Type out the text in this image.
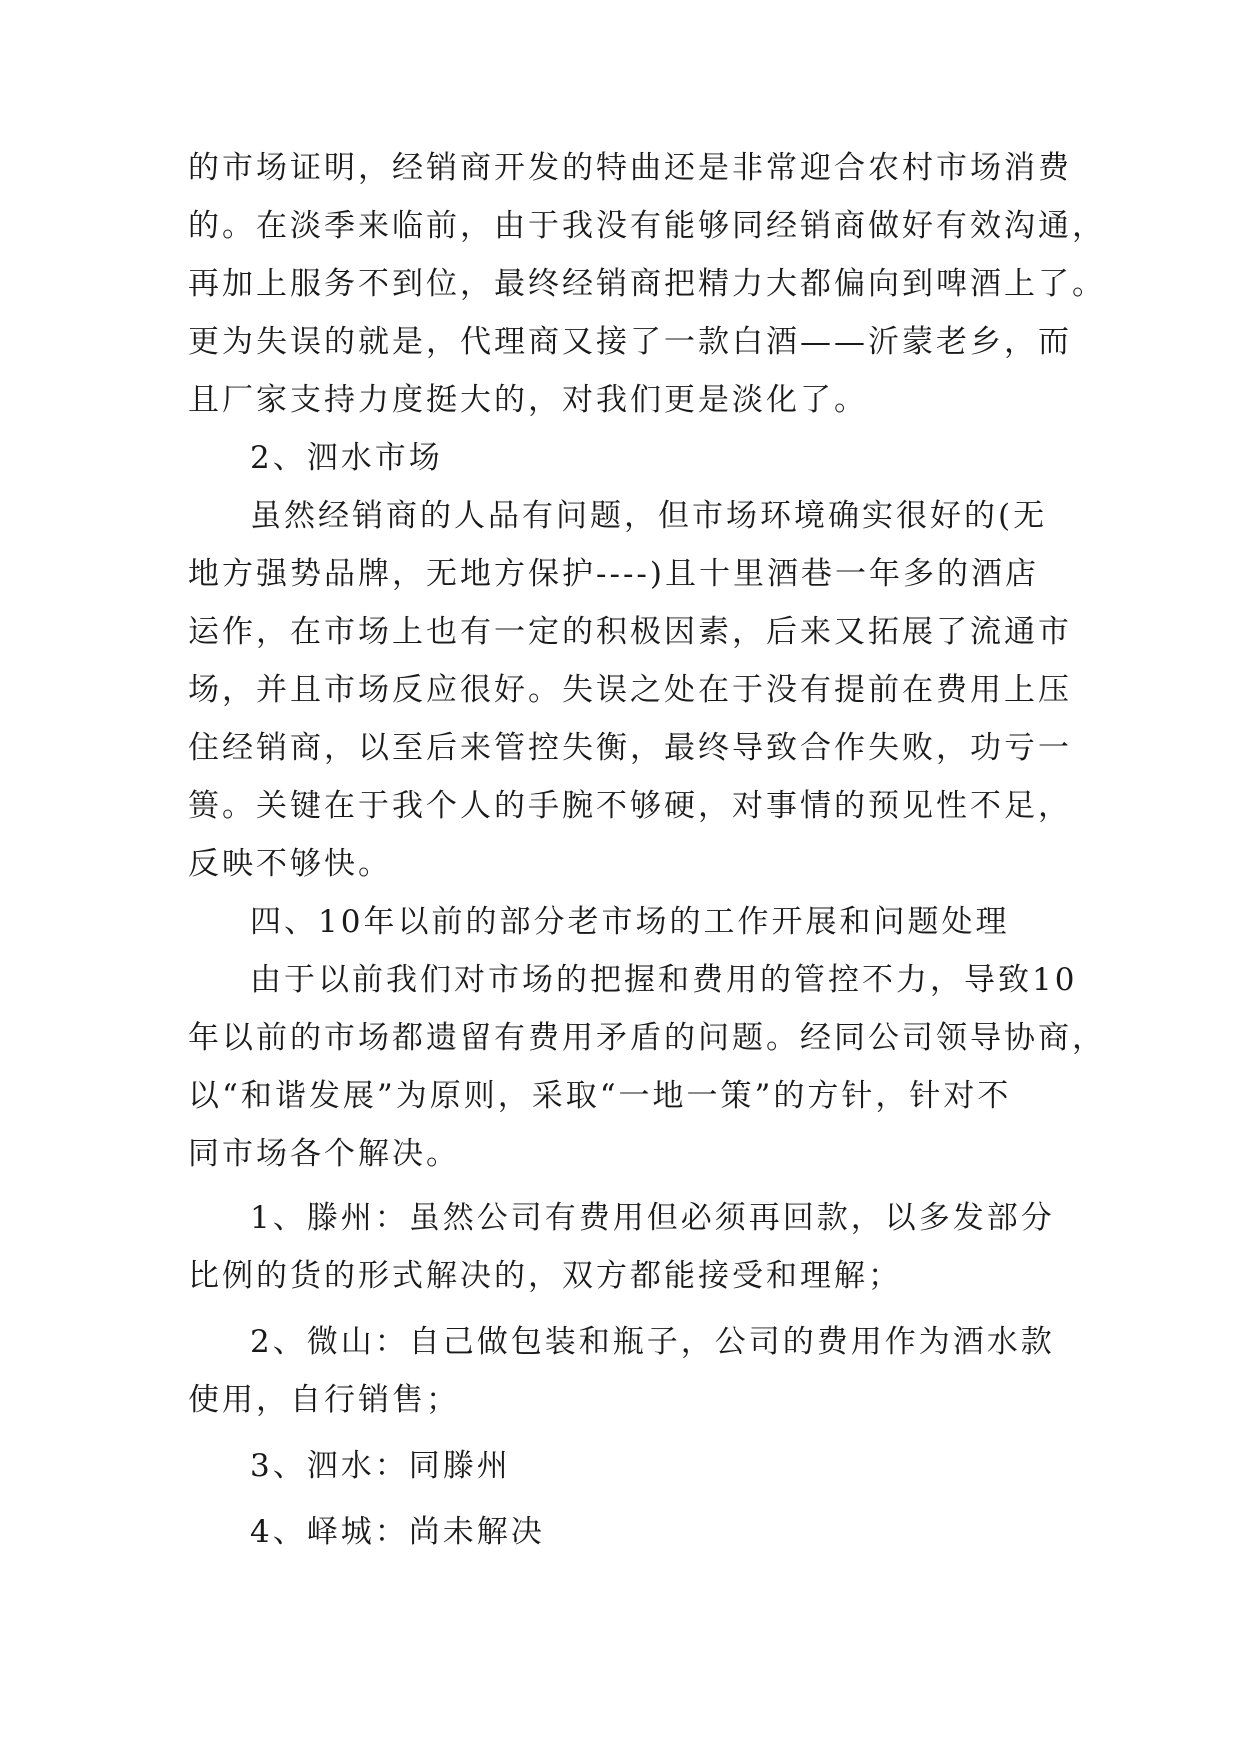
的市场证明，经销商开发的特曲还是非常迎合农村市场消费

的。在淡季来临前，由于我没有能够同经销商做好有效沟通，

再加上服务不到位，最终经销商把精力大都偏向到啤酒上了。

更为失误的就是，代理商又接了一款白酒——沂蒙老乡，而

且厂家支持力度挺大的，对我们更是淡化了。

2、泗水市场

虽然经销商的人品有问题，但市场环境确实很好的(无

地方强势品牌，无地方保护----)且十里酒巷一年多的酒店

运作，在市场上也有一定的积极因素，后来又拓展了流通市

场，并且市场反应很好。失误之处在于没有提前在费用上压

住经销商，以至后来管控失衡，最终导致合作失败，功亏一

篑。关键在于我个人的手腕不够硬，对事情的预见性不足，

反映不够快。

四、10年以前的部分老市场的工作开展和问题处理

由于以前我们对市场的把握和费用的管控不力，导致10

年以前的市场都遗留有费用矛盾的问题。经同公司领导协商，

以“和谐发展”为原则，采取“一地一策”的方针，针对不

同市场各个解决。

1、滕州：虽然公司有费用但必须再回款，以多发部分

比例的货的形式解决的，双方都能接受和理解；

2、微山：自己做包装和瓶子，公司的费用作为酒水款

使用，自行销售；

3、泗水：同滕州

4、峄城：尚未解决
